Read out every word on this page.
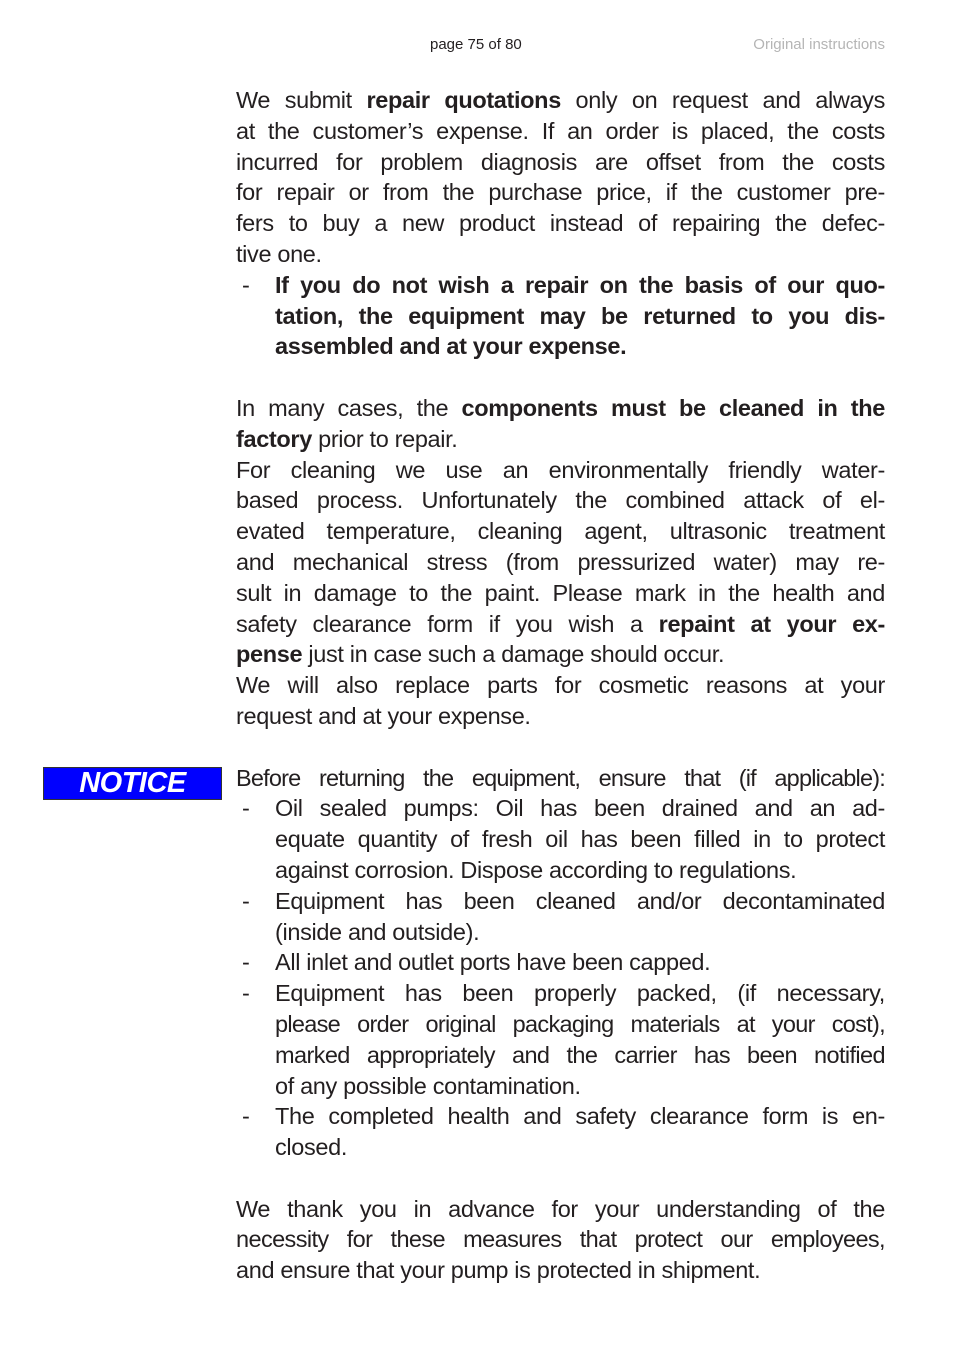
page 75 of 80	Original instructions
NOTICE
We submit repair quotations only on request and always
at the customer’s expense. If an order is placed, the costs
incurred for problem diagnosis are offset from the costs
for repair or from the purchase price, if the customer pre-
fers to buy a new product instead of repairing the defec-
tive one.
- If you do not wish a repair on the basis of our quo-
tation, the equipment may be returned to you dis-
assembled and at your expense.
In many cases, the components must be cleaned in the
factory prior to repair.
For cleaning we use an environmentally friendly water-
based process. Unfortunately the combined attack of el-
evated temperature, cleaning agent, ultrasonic treatment
and mechanical stress (from pressurized water) may re-
sult in damage to the paint. Please mark in the health and
safety clearance form if you wish a repaint at your ex-
pense just in case such a damage should occur.
We will also replace parts for cosmetic reasons at your
request and at your expense.
Before returning the equipment, ensure that (if applicable):
- Oil sealed pumps: Oil has been drained and an ad-
equate quantity of fresh oil has been filled in to protect
against corrosion. Dispose according to regulations.
- Equipment has been cleaned and/or decontaminated
(inside and outside).
- All inlet and outlet ports have been capped.
- Equipment has been properly packed, (if necessary,
please order original packaging materials at your cost),
marked appropriately and the carrier has been notified
of any possible contamination.
- The completed health and safety clearance form is en-
closed.
We thank you in advance for your understanding of the
necessity for these measures that protect our employees,
and ensure that your pump is protected in shipment.
